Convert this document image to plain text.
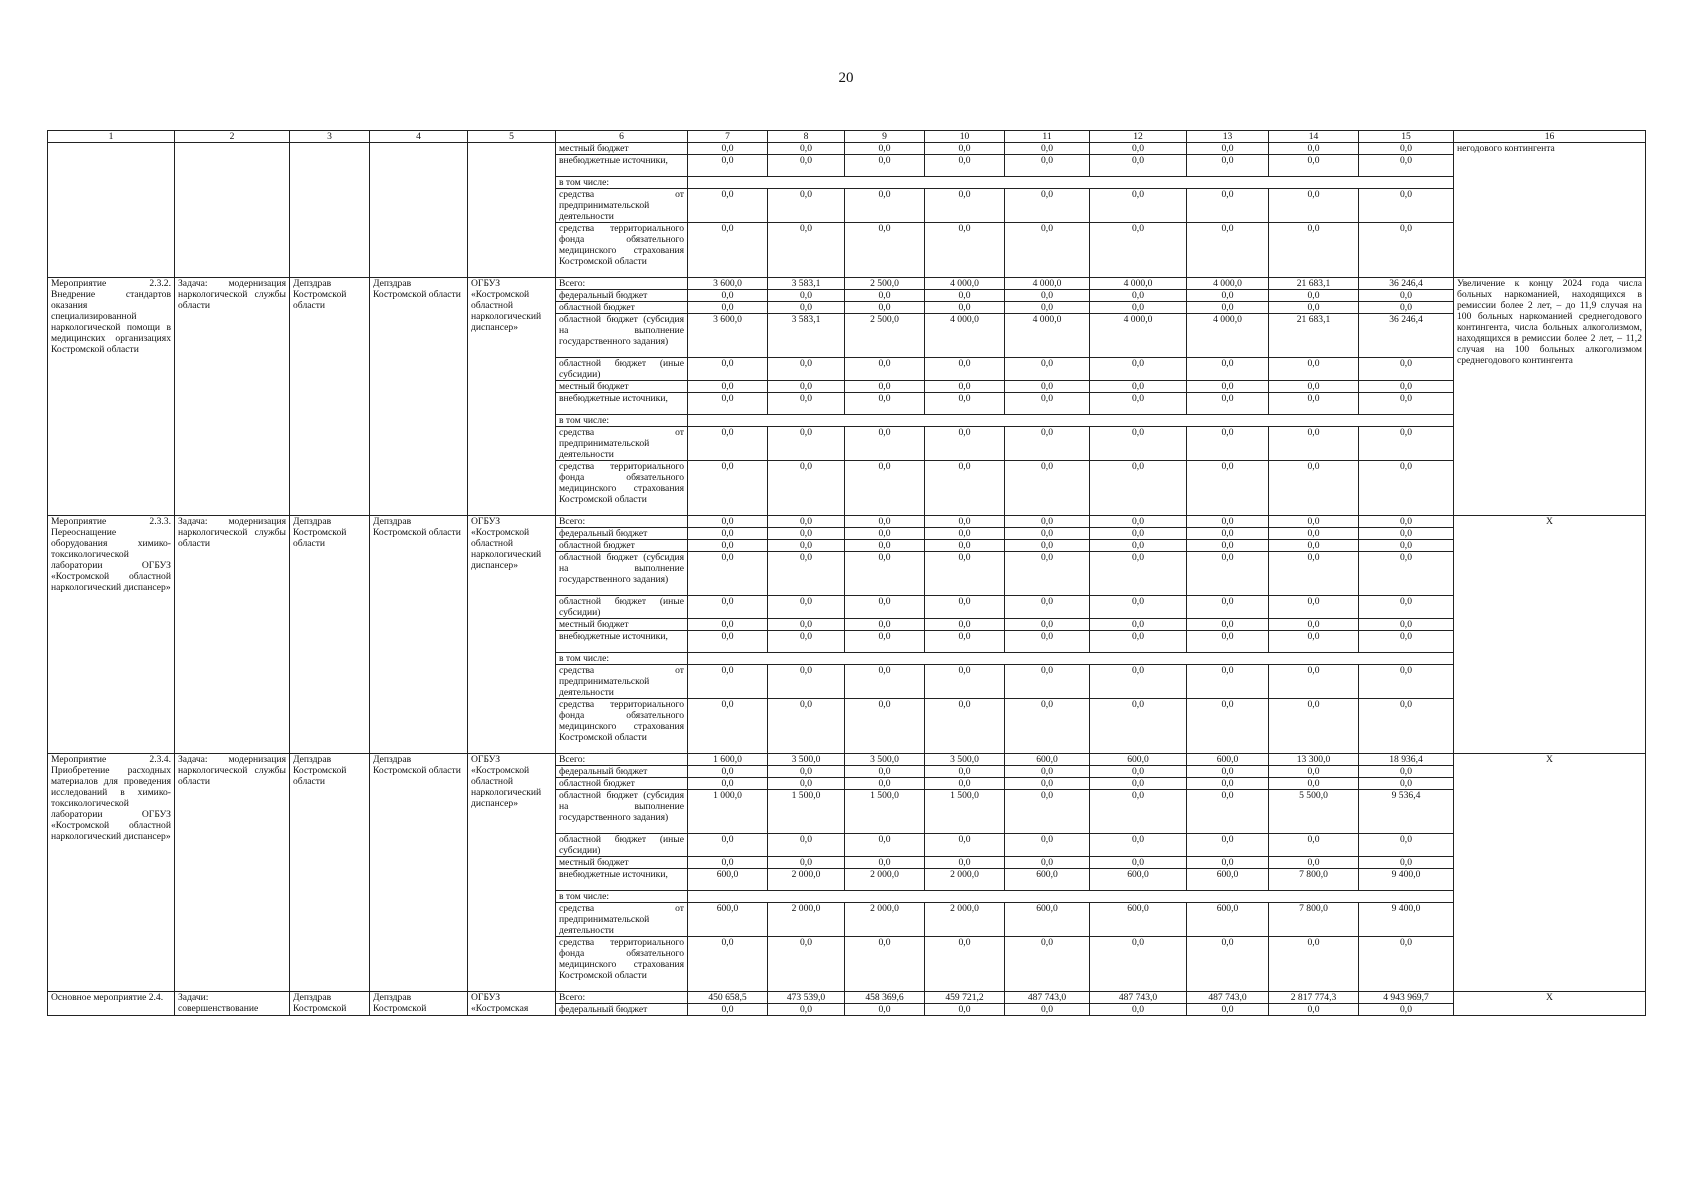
20
1	2	3	4	5	6	7	8	9	10	11	12	13	14	15	16
					местный бюджет	0,0	0,0	0,0	0,0	0,0	0,0	0,0	0,0	0,0	негодового контингента
					внебюджетные источники,	0,0	0,0	0,0	0,0	0,0	0,0	0,0	0,0	0,0	
					в том числе:										
					средства от предпринимательской деятельности	0,0	0,0	0,0	0,0	0,0	0,0	0,0	0,0	0,0	
					средства территориального фонда обязательного медицинского страхования Костромской области	0,0	0,0	0,0	0,0	0,0	0,0	0,0	0,0	0,0	
Мероприятие 2.3.2. Внедрение стандартов оказания специализированной наркологической помощи в медицинских организациях Костромской области	Задача: модернизация наркологической службы области	Депздрав Костромской области	Депздрав Костромской области	ОГБУЗ «Костромской областной наркологический диспансер»	Всего:	3 600,0	3 583,1	2 500,0	4 000,0	4 000,0	4 000,0	4 000,0	21 683,1	36 246,4	Увеличение к концу 2024 года числа больных наркоманией, находящихся в ремиссии более 2 лет, – до 11,9 случая на 100 больных наркоманией среднегодового контингента, числа больных алкоголизмом, находящихся в ремиссии более 2 лет, – 11,2 случая на 100 больных алкоголизмом среднегодового контингента
					федеральный бюджет	0,0	0,0	0,0	0,0	0,0	0,0	0,0	0,0	0,0	
					областной бюджет	0,0	0,0	0,0	0,0	0,0	0,0	0,0	0,0	0,0	
					областной бюджет (субсидия на выполнение государственного задания)	3 600,0	3 583,1	2 500,0	4 000,0	4 000,0	4 000,0	4 000,0	21 683,1	36 246,4	
					областной бюджет (иные субсидии)	0,0	0,0	0,0	0,0	0,0	0,0	0,0	0,0	0,0	
					местный бюджет	0,0	0,0	0,0	0,0	0,0	0,0	0,0	0,0	0,0	
					внебюджетные источники,	0,0	0,0	0,0	0,0	0,0	0,0	0,0	0,0	0,0	
					в том числе:										
					средства от предпринимательской деятельности	0,0	0,0	0,0	0,0	0,0	0,0	0,0	0,0	0,0	
					средства территориального фонда обязательного медицинского страхования Костромской области	0,0	0,0	0,0	0,0	0,0	0,0	0,0	0,0	0,0	
Мероприятие 2.3.3. Переоснащение оборудования химико-токсикологической лаборатории ОГБУЗ «Костромской областной наркологический диспансер»	Задача: модернизация наркологической службы области	Депздрав Костромской области	Депздрав Костромской области	ОГБУЗ «Костромской областной наркологический диспансер»	Всего:	0,0	0,0	0,0	0,0	0,0	0,0	0,0	0,0	0,0	Х
					федеральный бюджет	0,0	0,0	0,0	0,0	0,0	0,0	0,0	0,0	0,0	
					областной бюджет	0,0	0,0	0,0	0,0	0,0	0,0	0,0	0,0	0,0	
					областной бюджет (субсидия на выполнение государственного задания)	0,0	0,0	0,0	0,0	0,0	0,0	0,0	0,0	0,0	
					областной бюджет (иные субсидии)	0,0	0,0	0,0	0,0	0,0	0,0	0,0	0,0	0,0	
					местный бюджет	0,0	0,0	0,0	0,0	0,0	0,0	0,0	0,0	0,0	
					внебюджетные источники,	0,0	0,0	0,0	0,0	0,0	0,0	0,0	0,0	0,0	
					в том числе:										
					средства от предпринимательской деятельности	0,0	0,0	0,0	0,0	0,0	0,0	0,0	0,0	0,0	
					средства территориального фонда обязательного медицинского страхования Костромской области	0,0	0,0	0,0	0,0	0,0	0,0	0,0	0,0	0,0	
Мероприятие 2.3.4. Приобретение расходных материалов для проведения исследований в химико-токсикологической лаборатории ОГБУЗ «Костромской областной наркологический диспансер»	Задача: модернизация наркологической службы области	Депздрав Костромской области	Депздрав Костромской области	ОГБУЗ «Костромской областной наркологический диспансер»	Всего:	1 600,0	3 500,0	3 500,0	3 500,0	600,0	600,0	600,0	13 300,0	18 936,4	Х
					федеральный бюджет	0,0	0,0	0,0	0,0	0,0	0,0	0,0	0,0	0,0	
					областной бюджет	0,0	0,0	0,0	0,0	0,0	0,0	0,0	0,0	0,0	
					областной бюджет (субсидия на выполнение государственного задания)	1 000,0	1 500,0	1 500,0	1 500,0	0,0	0,0	0,0	5 500,0	9 536,4	
					областной бюджет (иные субсидии)	0,0	0,0	0,0	0,0	0,0	0,0	0,0	0,0	0,0	
					местный бюджет	0,0	0,0	0,0	0,0	0,0	0,0	0,0	0,0	0,0	
					внебюджетные источники,	600,0	2 000,0	2 000,0	2 000,0	600,0	600,0	600,0	7 800,0	9 400,0	
					в том числе:										
					средства от предпринимательской деятельности	600,0	2 000,0	2 000,0	2 000,0	600,0	600,0	600,0	7 800,0	9 400,0	
					средства территориального фонда обязательного медицинского страхования Костромской области	0,0	0,0	0,0	0,0	0,0	0,0	0,0	0,0	0,0	
Основное мероприятие 2.4.	Задачи: совершенствование	Депздрав Костромской	Депздрав Костромской	ОГБУЗ «Костромская	Всего:	450 658,5	473 539,0	458 369,6	459 721,2	487 743,0	487 743,0	487 743,0	2 817 774,3	4 943 969,7	Х
					федеральный бюджет	0,0	0,0	0,0	0,0	0,0	0,0	0,0	0,0	0,0	
